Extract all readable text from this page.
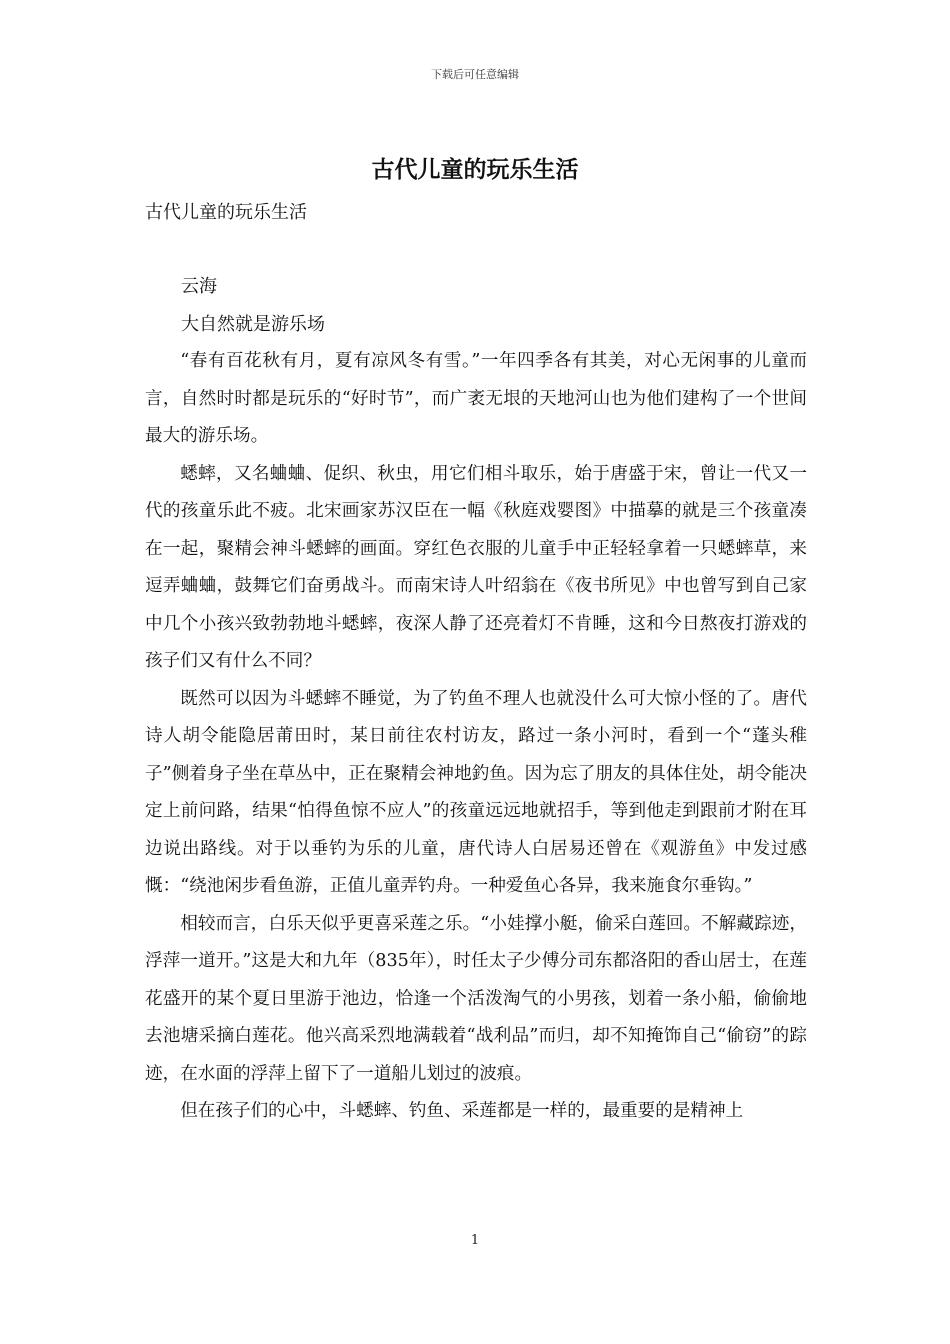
下载后可任意编辑
古代儿童的玩乐生活
古代儿童的玩乐生活
云海
大自然就是游乐场

“春有百花秋有月，夏有凉风冬有雪。”一年四季各有其美，对心无闲事的儿童而言，自然时时都是玩乐的“好时节”，而广袤无垠的天地河山也为他们建构了一个世间最大的游乐场。

蟋蟀，又名蛐蛐、促织、秋虫，用它们相斗取乐，始于唐盛于宋，曾让一代又一代的孩童乐此不疲。北宋画家苏汉臣在一幅《秋庭戏婴图》中描摹的就是三个孩童凑在一起，聚精会神斗蟋蟀的画面。穿红色衣服的儿童手中正轻轻拿着一只蟋蟀草，来逗弄蛐蛐，鼓舞它们奋勇战斗。而南宋诗人叶绍翁在《夜书所见》中也曾写到自己家中几个小孩兴致勃勃地斗蟋蟀，夜深人静了还亮着灯不肯睡，这和今日熬夜打游戏的孩子们又有什么不同？

既然可以因为斗蟋蟀不睡觉，为了钓鱼不理人也就没什么可大惊小怪的了。唐代诗人胡令能隐居莆田时，某日前往农村访友，路过一条小河时，看到一个“蓬头稚子”侧着身子坐在草丛中，正在聚精会神地釣鱼。因为忘了朋友的具体住处，胡令能决定上前问路，结果“怕得鱼惊不应人”的孩童远远地就招手，等到他走到跟前才附在耳边说出路线。对于以垂钓为乐的儿童，唐代诗人白居易还曾在《观游鱼》中发过感慨：“绕池闲步看鱼游，正值儿童弄钓舟。一种爱鱼心各异，我来施食尔垂钩。”

相较而言，白乐天似乎更喜采莲之乐。“小娃撑小艇，偷采白莲回。不解藏踪迹，浮萍一道开。”这是大和九年（835年），时任太子少傅分司东都洛阳的香山居士，在莲花盛开的某个夏日里游于池边，恰逢一个活泼淘气的小男孩，划着一条小船，偷偷地去池塘采摘白莲花。他兴高采烈地满载着“战利品”而归，却不知掩饰自己“偷窃”的踪迹，在水面的浮萍上留下了一道船儿划过的波痕。

但在孩子们的心中，斗蟋蟀、钓鱼、采莲都是一样的，最重要的是精神上

1
